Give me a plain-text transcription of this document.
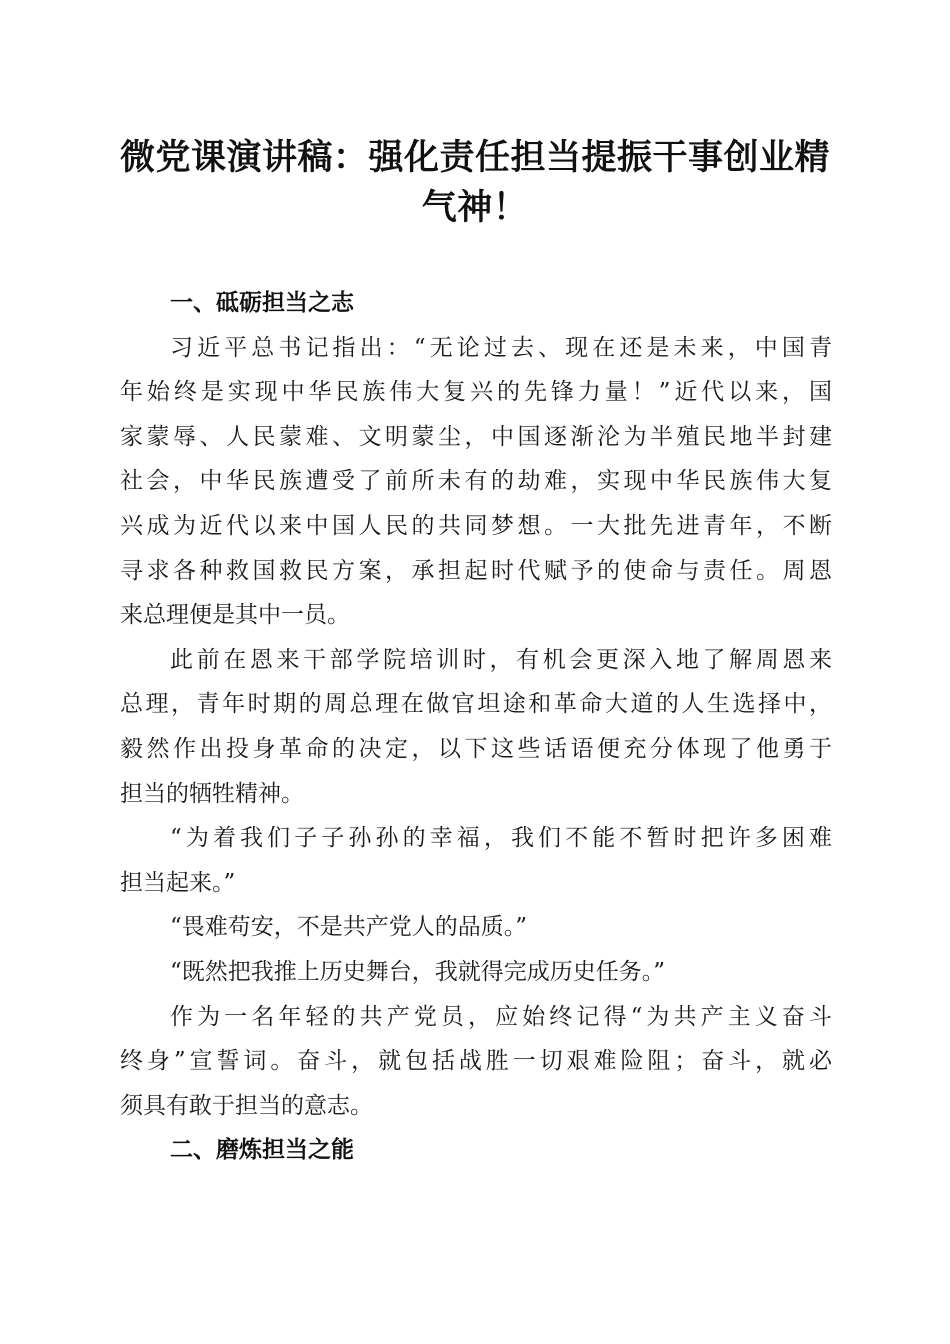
微党课演讲稿：强化责任担当提振干事创业精
气神！
一、砥砺担当之志
习近平总书记指出：“无论过去、现在还是未来，中国青
年始终是实现中华民族伟大复兴的先锋力量！”近代以来，国
家蒙辱、人民蒙难、文明蒙尘，中国逐渐沦为半殖民地半封建
社会，中华民族遭受了前所未有的劫难，实现中华民族伟大复
兴成为近代以来中国人民的共同梦想。一大批先进青年，不断
寻求各种救国救民方案，承担起时代赋予的使命与责任。周恩
来总理便是其中一员。
此前在恩来干部学院培训时，有机会更深入地了解周恩来
总理，青年时期的周总理在做官坦途和革命大道的人生选择中，
毅然作出投身革命的决定，以下这些话语便充分体现了他勇于
担当的牺牲精神。
“为着我们子子孙孙的幸福，我们不能不暂时把许多困难
担当起来。”
“畏难苟安，不是共产党人的品质。”
“既然把我推上历史舞台，我就得完成历史任务。”
作为一名年轻的共产党员，应始终记得“为共产主义奋斗
终身”宣誓词。奋斗，就包括战胜一切艰难险阻；奋斗，就必
须具有敢于担当的意志。
二、磨炼担当之能
